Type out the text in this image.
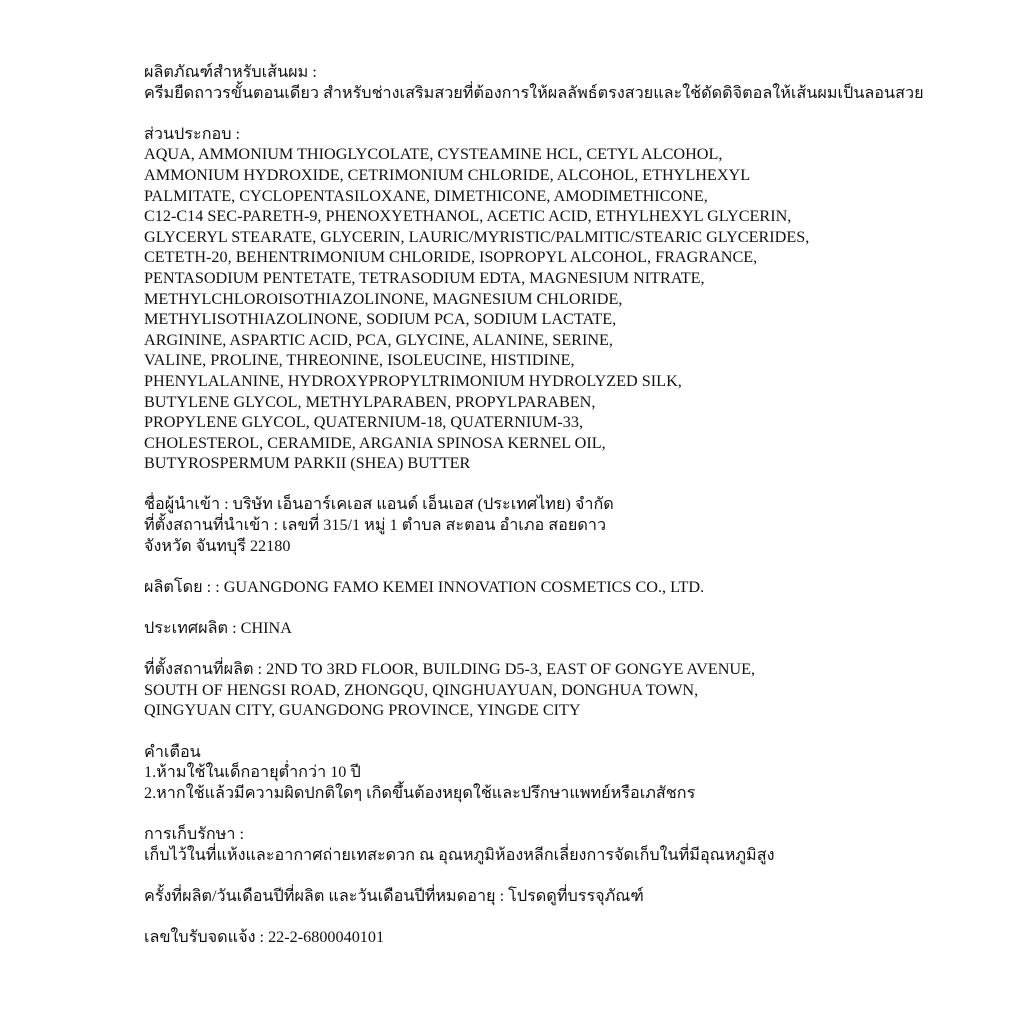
ผลิตภัณฑ์สำหรับเส้นผม :
ครีมยืดถาวรขั้นตอนเดียว สำหรับช่างเสริมสวยที่ต้องการให้ผลลัพธ์ตรงสวยและใช้ดัดดิจิตอลให้เส้นผมเป็นลอนสวย
ส่วนประกอบ :
AQUA, AMMONIUM THIOGLYCOLATE, CYSTEAMINE HCL, CETYL ALCOHOL,
AMMONIUM HYDROXIDE, CETRIMONIUM CHLORIDE, ALCOHOL, ETHYLHEXYL
PALMITATE, CYCLOPENTASILOXANE, DIMETHICONE, AMODIMETHICONE,
C12-C14 SEC-PARETH-9, PHENOXYETHANOL, ACETIC ACID, ETHYLHEXYL GLYCERIN,
GLYCERYL STEARATE, GLYCERIN, LAURIC/MYRISTIC/PALMITIC/STEARIC GLYCERIDES,
CETETH-20, BEHENTRIMONIUM CHLORIDE, ISOPROPYL ALCOHOL, FRAGRANCE,
PENTASODIUM PENTETATE, TETRASODIUM EDTA, MAGNESIUM NITRATE,
METHYLCHLOROISOTHIAZOLINONE, MAGNESIUM CHLORIDE,
METHYLISOTHIAZOLINONE, SODIUM PCA, SODIUM LACTATE,
ARGININE, ASPARTIC ACID, PCA, GLYCINE, ALANINE, SERINE,
VALINE, PROLINE, THREONINE, ISOLEUCINE, HISTIDINE,
PHENYLALANINE, HYDROXYPROPYLTRIMONIUM HYDROLYZED SILK,
BUTYLENE GLYCOL, METHYLPARABEN, PROPYLPARABEN,
PROPYLENE GLYCOL, QUATERNIUM-18, QUATERNIUM-33,
CHOLESTEROL, CERAMIDE, ARGANIA SPINOSA KERNEL OIL,
BUTYROSPERMUM PARKII (SHEA) BUTTER
ชื่อผู้นำเข้า : บริษัท เอ็นอาร์เคเอส แอนด์ เอ็นเอส (ประเทศไทย) จำกัด
ที่ตั้งสถานที่นำเข้า : เลขที่ 315/1 หมู่ 1 ตำบล สะตอน อำเภอ สอยดาว
จังหวัด จันทบุรี 22180
ผลิตโดย : : GUANGDONG FAMO KEMEI INNOVATION COSMETICS CO., LTD.
ประเทศผลิต : CHINA
ที่ตั้งสถานที่ผลิต : 2ND TO 3RD FLOOR, BUILDING D5-3, EAST OF GONGYE AVENUE,
SOUTH OF HENGSI ROAD, ZHONGQU, QINGHUAYUAN, DONGHUA TOWN,
QINGYUAN CITY, GUANGDONG PROVINCE, YINGDE CITY
คำเตือน
1.ห้ามใช้ในเด็กอายุต่ำกว่า 10 ปี
2.หากใช้แล้วมีความผิดปกติใดๆ เกิดขึ้นต้องหยุดใช้และปรึกษาแพทย์หรือเภสัชกร
การเก็บรักษา :
เก็บไว้ในที่แห้งและอากาศถ่ายเทสะดวก ณ อุณหภูมิห้องหลีกเลี่ยงการจัดเก็บในที่มีอุณหภูมิสูง
ครั้งที่ผลิต/วันเดือนปีที่ผลิต และวันเดือนปีที่หมดอายุ : โปรดดูที่บรรจุภัณฑ์
เลขใบรับจดแจ้ง : 22-2-6800040101
